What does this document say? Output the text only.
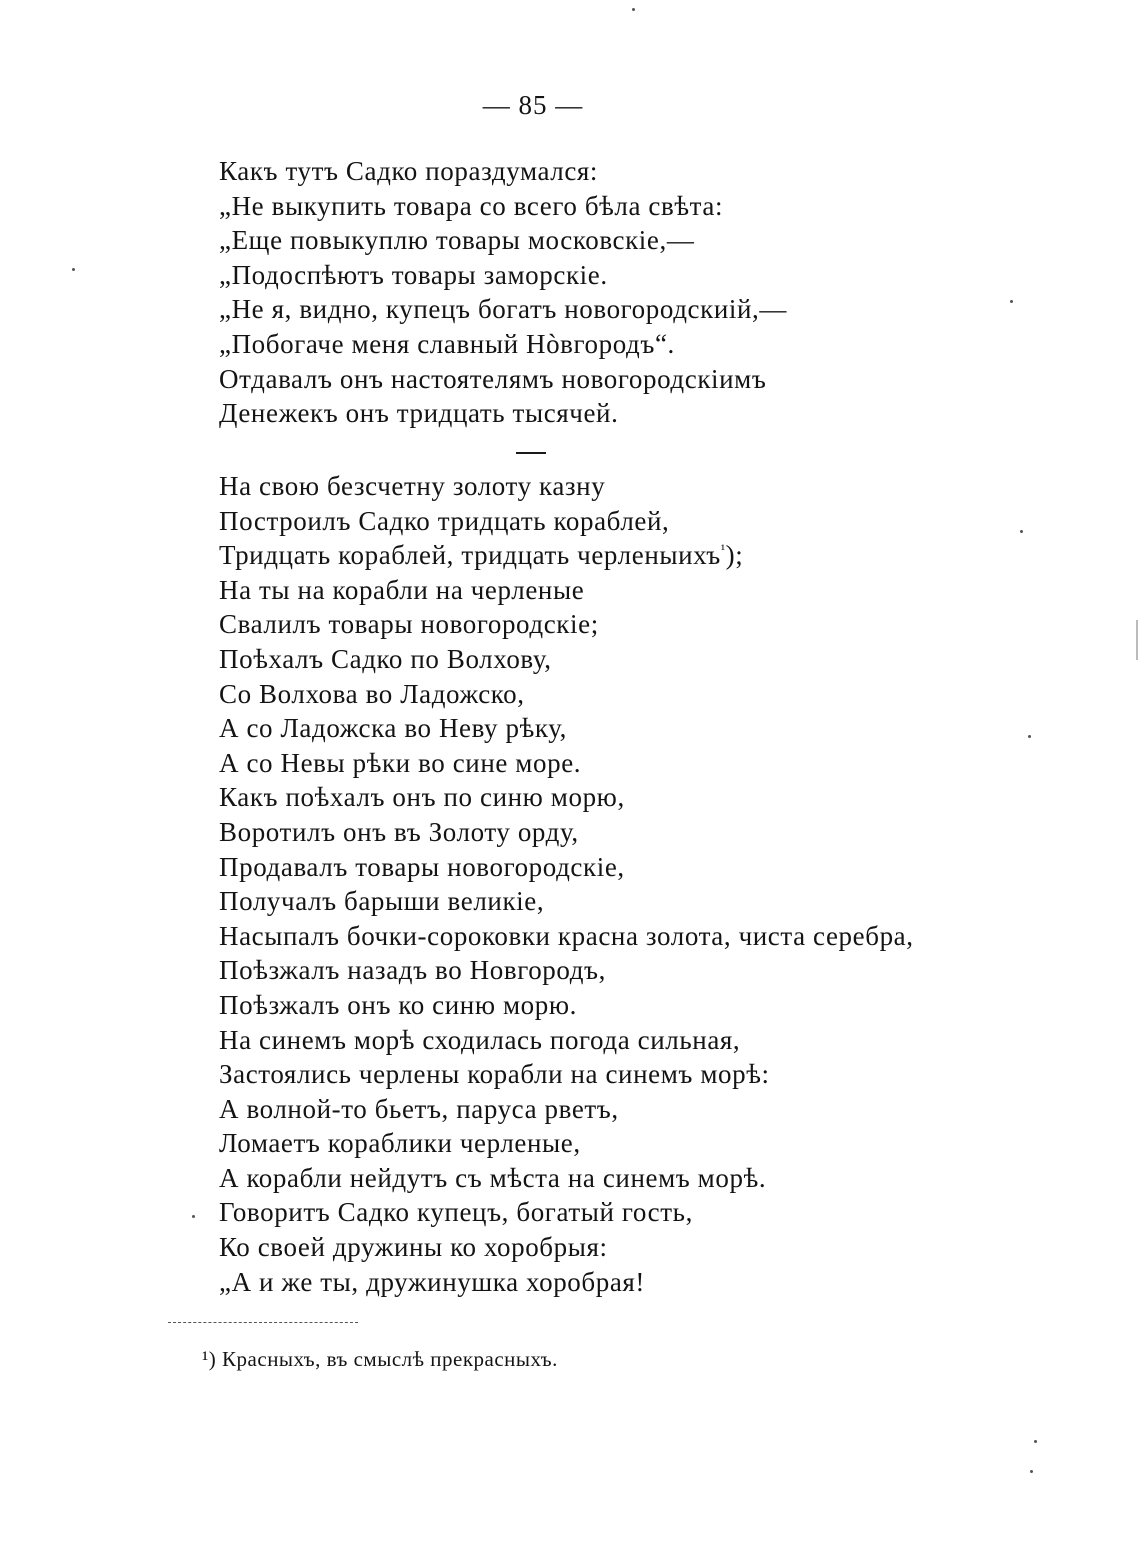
— 85 —
Какъ тутъ Садко пораздумался:
„Не выкупить товара со всего бѣла свѣта:
„Еще повыкуплю товары московскіе,—
„Подоспѣютъ товары заморскіе.
„Не я, видно, купецъ богатъ новогородскиій,—
„Побогаче меня славный Нòвгородъ“.
Отдавалъ онъ настоятелямъ новогородскіимъ
Денежекъ онъ тридцать тысячей.
На свою безсчетну золоту казну
Построилъ Садко тридцать кораблей,
Тридцать кораблей, тридцать черленыихъ$^{^1}$);
На ты на корабли на черленые
Свалилъ товары новогородскіе;
Поѣхалъ Садко по Волхову,
Со Волхова во Ладожско,
А со Ладожска во Неву рѣку,
А со Невы рѣки во сине море.
Какъ поѣхалъ онъ по синю морю,
Воротилъ онъ въ Золоту орду,
Продавалъ товары новогородскіе,
Получалъ барыши великіе,
Насыпалъ бочки-сороковки красна золота, чиста серебра,
Поѣзжалъ назадъ во Новгородъ,
Поѣзжалъ онъ ко синю морю.
На синемъ морѣ сходилась погода сильная,
Застоялись черлены корабли на синемъ морѣ:
А волной-то бьетъ, паруса рветъ,
Ломаетъ кораблики черленые,
А корабли нейдутъ съ мѣста на синемъ морѣ.
Говоритъ Садко купецъ, богатый гость,
Ко своей дружины ко хоробрыя:
„А и же ты, дружинушка хоробрая!
¹) Красныхъ, въ смыслѣ прекрасныхъ.
